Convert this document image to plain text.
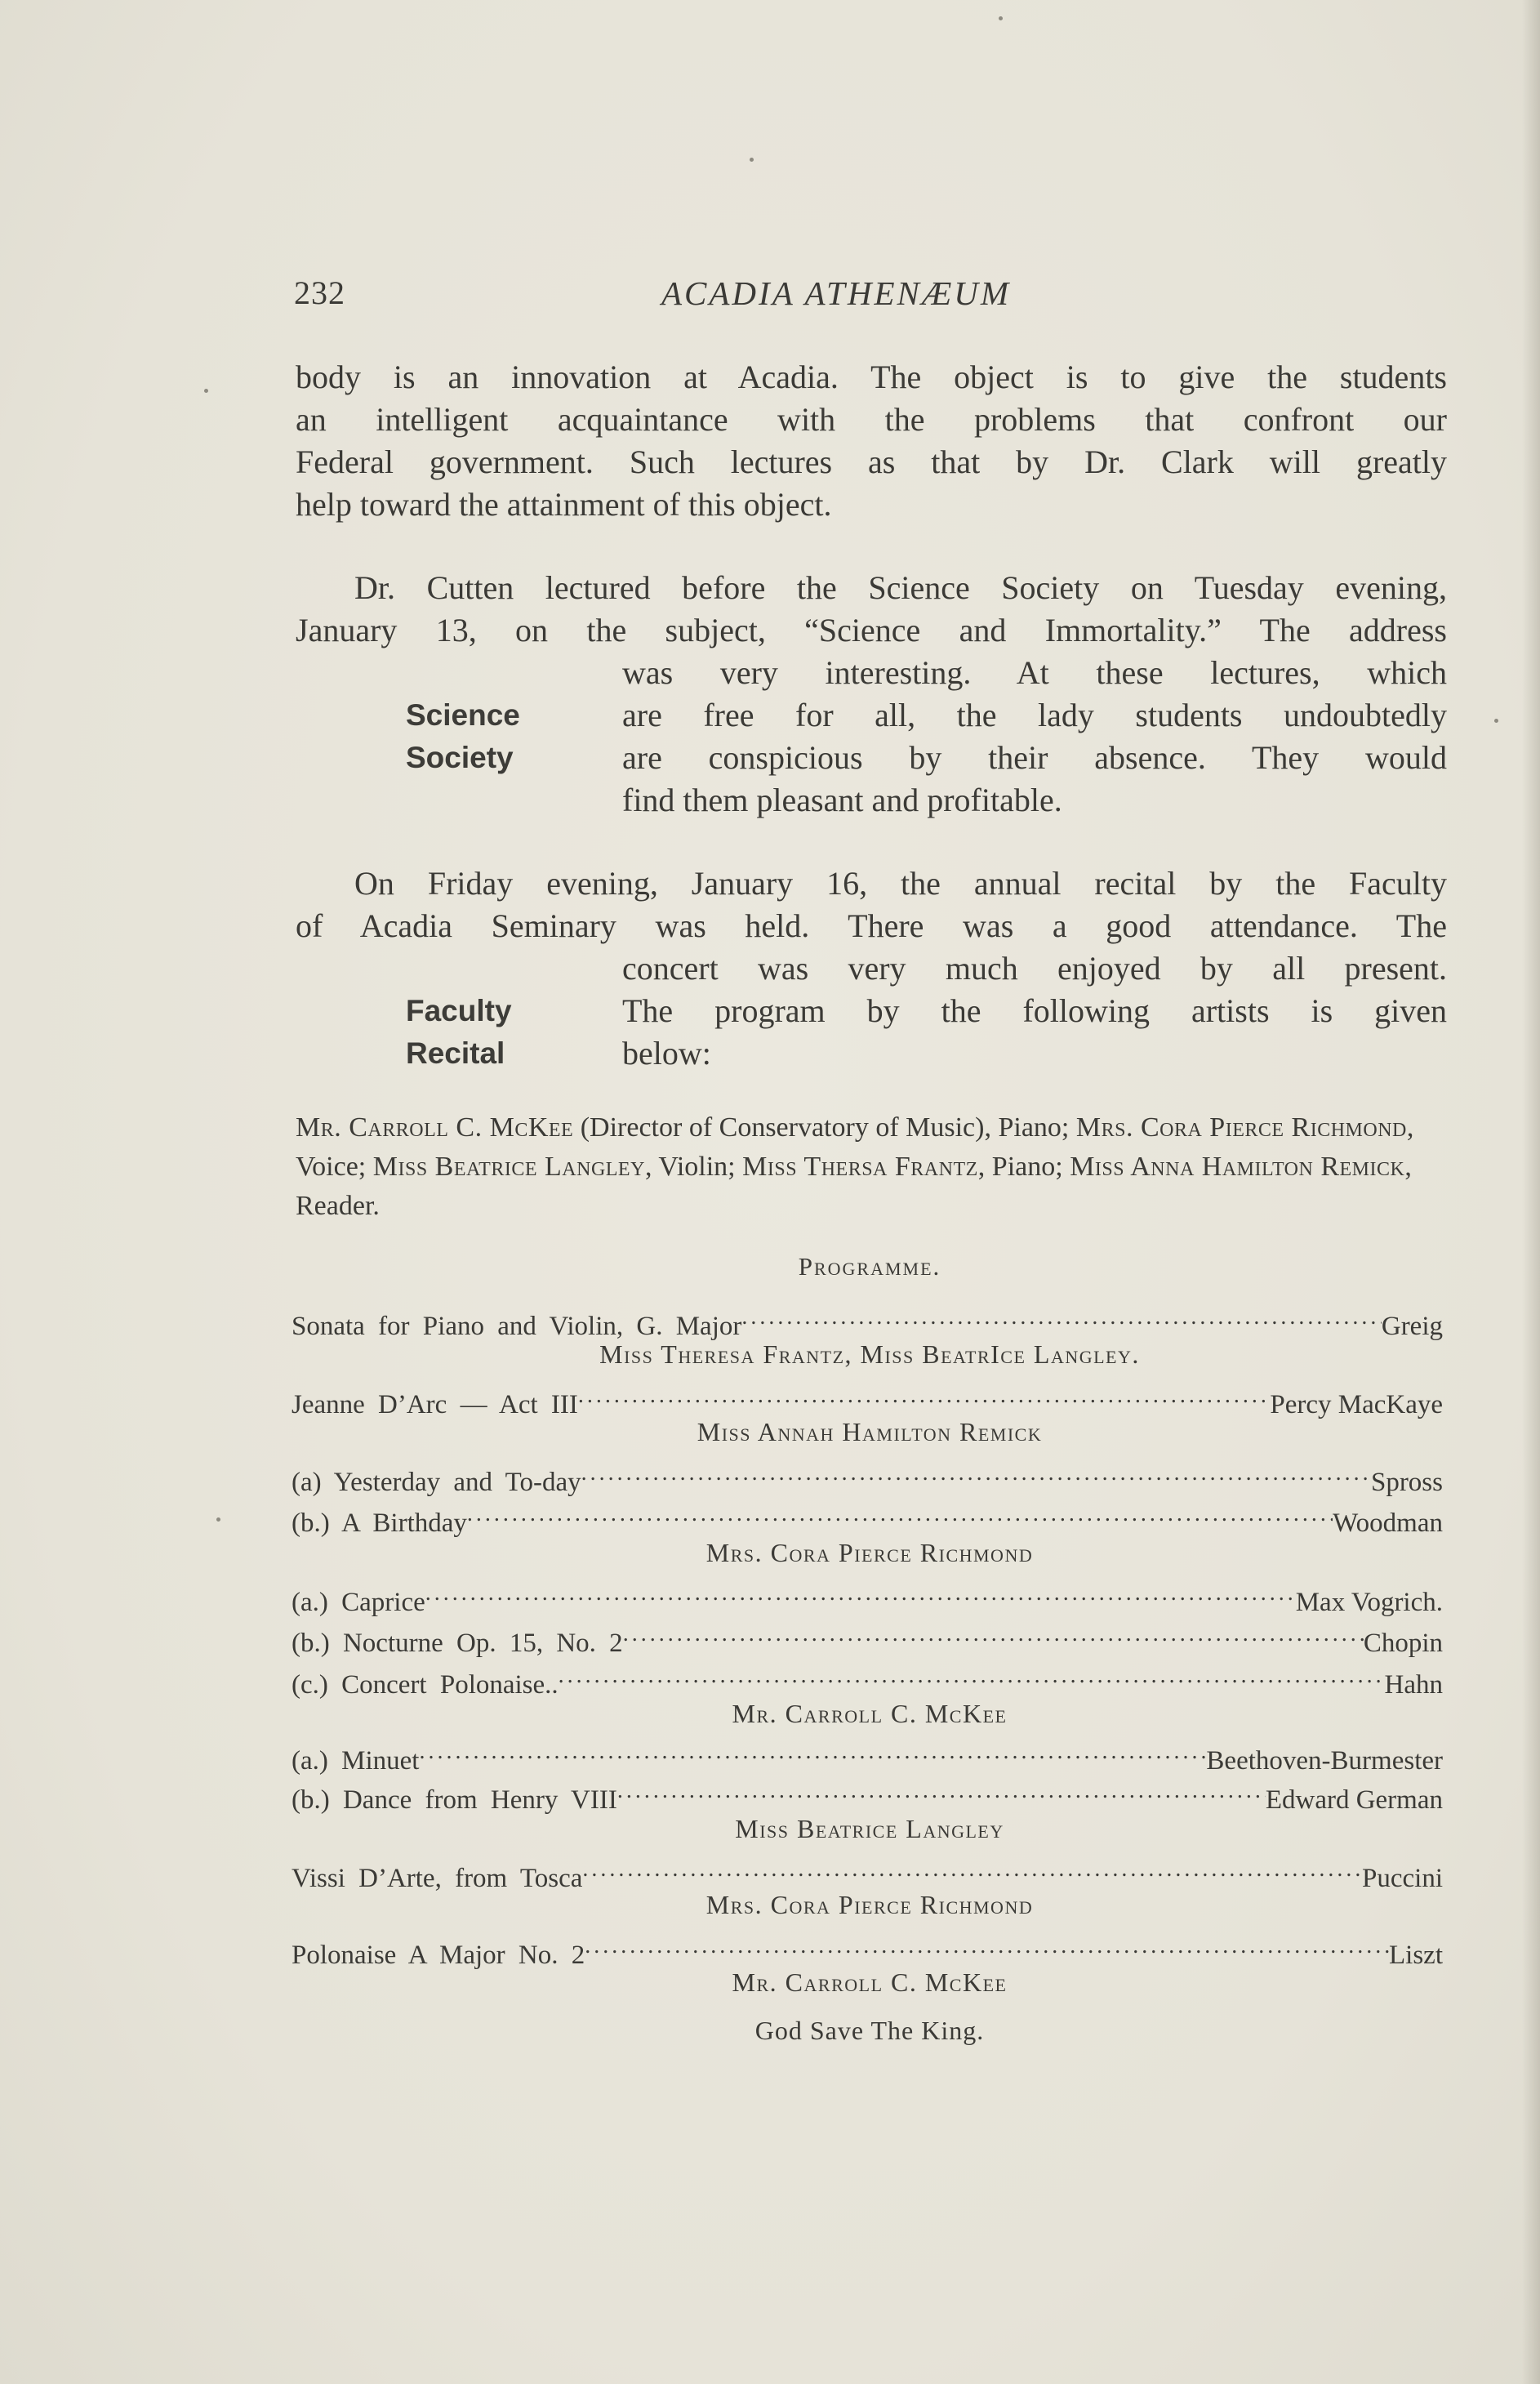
232	ACADIA ATHENÆUM
body is an innovation at Acadia. The object is to give the students
an intelligent acquaintance with the problems that confront our
Federal government. Such lectures as that by Dr. Clark will greatly
help toward the attainment of this object.
Dr. Cutten lectured before the Science Society on Tuesday evening,
January 13, on the subject, “Science and Immortality.” The address
Science
Society
was very interesting. At these lectures, which
are free for all, the lady students undoubtedly
are conspicious by their absence. They would
find them pleasant and profitable.
On Friday evening, January 16, the annual recital by the Faculty
of Acadia Seminary was held. There was a good attendance. The
Faculty
Recital
concert was very much enjoyed by all present.
The program by the following artists is given
below:

Mr. Carroll C. McKee (Director of Conservatory of Music), Piano; Mrs. Cora Pierce Richmond, Voice; Miss Beatrice Langley, Violin; Miss Thersa Frantz, Piano; Miss Anna Hamilton Remick, Reader.

Programme.
Sonata for Piano and Violin, G. Major .....	Greig
Miss Theresa Frantz, Miss BeatrIce Langley.
Jeanne D’Arc — Act III .....	Percy MacKaye
Miss Annah Hamilton Remick
(a) Yesterday and To-day .....	Spross
(b.) A Birthday .....	Woodman
Mrs. Cora Pierce Richmond
(a.) Caprice .....	Max Vogrich.
(b.) Nocturne Op. 15, No. 2 .....	Chopin
(c.) Concert Polonaise.. .....	Hahn
Mr. Carroll C. McKee
(a.) Minuet .....	Beethoven-Burmester
(b.) Dance from Henry VIII .....	Edward German
Miss Beatrice Langley
Vissi D’Arte, from Tosca .....	Puccini
Mrs. Cora Pierce Richmond
Polonaise A Major No. 2 .....	Liszt
Mr. Carroll C. McKee
God Save The King.
